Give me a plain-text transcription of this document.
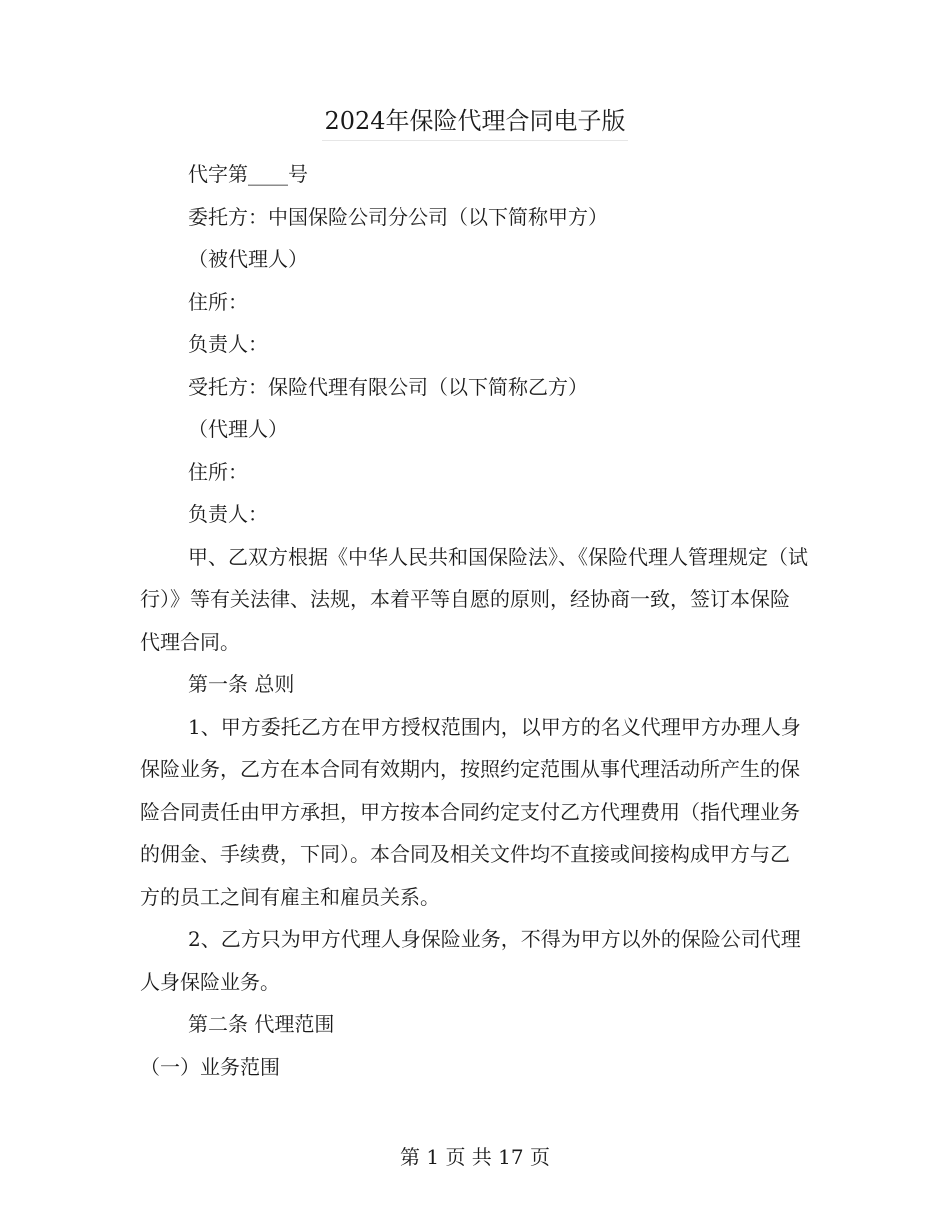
2024年保险代理合同电子版

代字第____号

委托方：中国保险公司分公司（以下简称甲方）

（被代理人）

住所：

负责人：

受托方：保险代理有限公司（以下简称乙方）

（代理人）

住所：

负责人：

甲、乙双方根据《中华人民共和国保险法》、《保险代理人管理规定（试行）》等有关法律、法规，本着平等自愿的原则，经协商一致，签订本保险代理合同。

第一条 总则

1、甲方委托乙方在甲方授权范围内，以甲方的名义代理甲方办理人身保险业务，乙方在本合同有效期内，按照约定范围从事代理活动所产生的保险合同责任由甲方承担，甲方按本合同约定支付乙方代理费用（指代理业务的佣金、手续费，下同）。本合同及相关文件均不直接或间接构成甲方与乙方的员工之间有雇主和雇员关系。

2、乙方只为甲方代理人身保险业务，不得为甲方以外的保险公司代理人身保险业务。

第二条 代理范围

（一）业务范围

第 1 页 共 17 页
